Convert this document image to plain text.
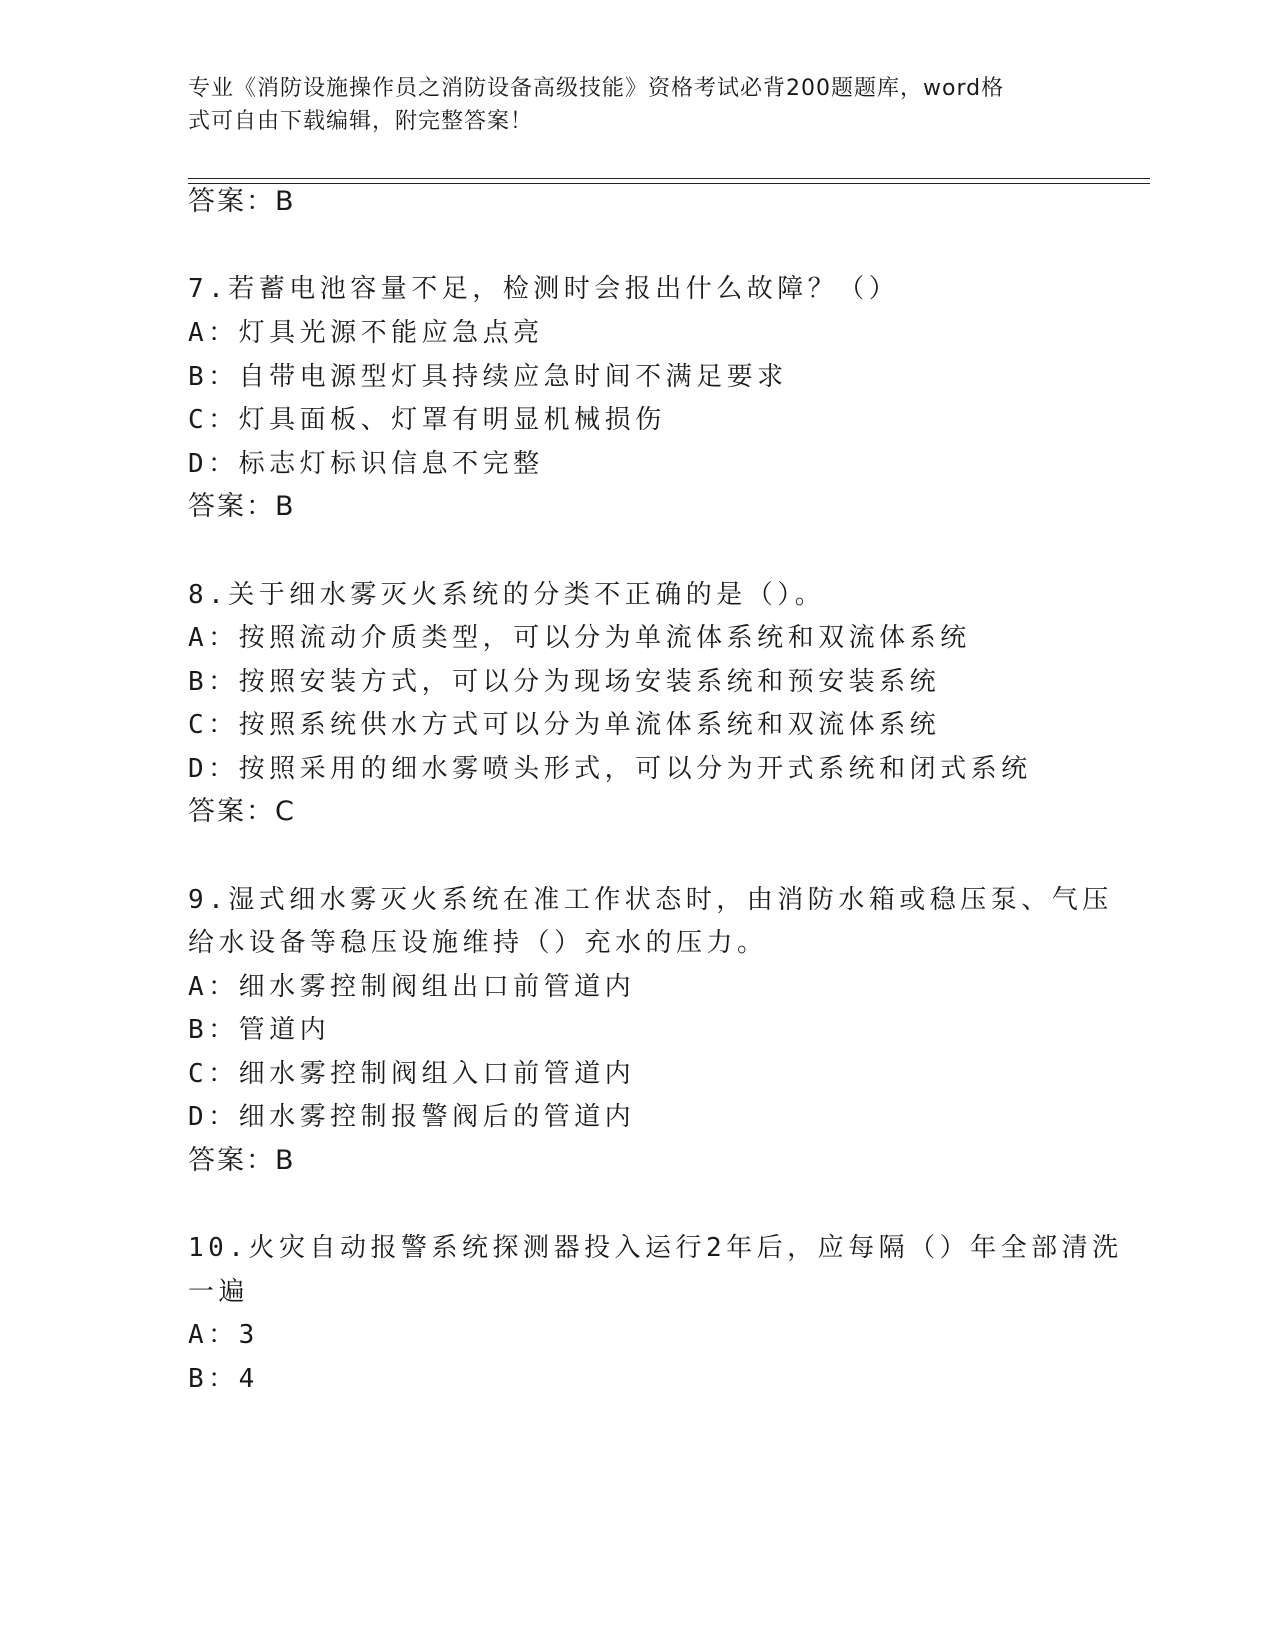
专业《消防设施操作员之消防设备高级技能》资格考试必背200题题库，word格
式可自由下载编辑，附完整答案！
答案：B
7.若蓄电池容量不足，检测时会报出什么故障？（）
A：灯具光源不能应急点亮
B：自带电源型灯具持续应急时间不满足要求
C：灯具面板、灯罩有明显机械损伤
D：标志灯标识信息不完整
答案：B
8.关于细水雾灭火系统的分类不正确的是（）。
A：按照流动介质类型，可以分为单流体系统和双流体系统
B：按照安装方式，可以分为现场安装系统和预安装系统
C：按照系统供水方式可以分为单流体系统和双流体系统
D：按照采用的细水雾喷头形式，可以分为开式系统和闭式系统
答案：C
9.湿式细水雾灭火系统在准工作状态时，由消防水箱或稳压泵、气压
给水设备等稳压设施维持（）充水的压力。
A：细水雾控制阀组出口前管道内
B：管道内
C：细水雾控制阀组入口前管道内
D：细水雾控制报警阀后的管道内
答案：B
10.火灾自动报警系统探测器投入运行2年后，应每隔（）年全部清洗
一遍
A：3
B：4
